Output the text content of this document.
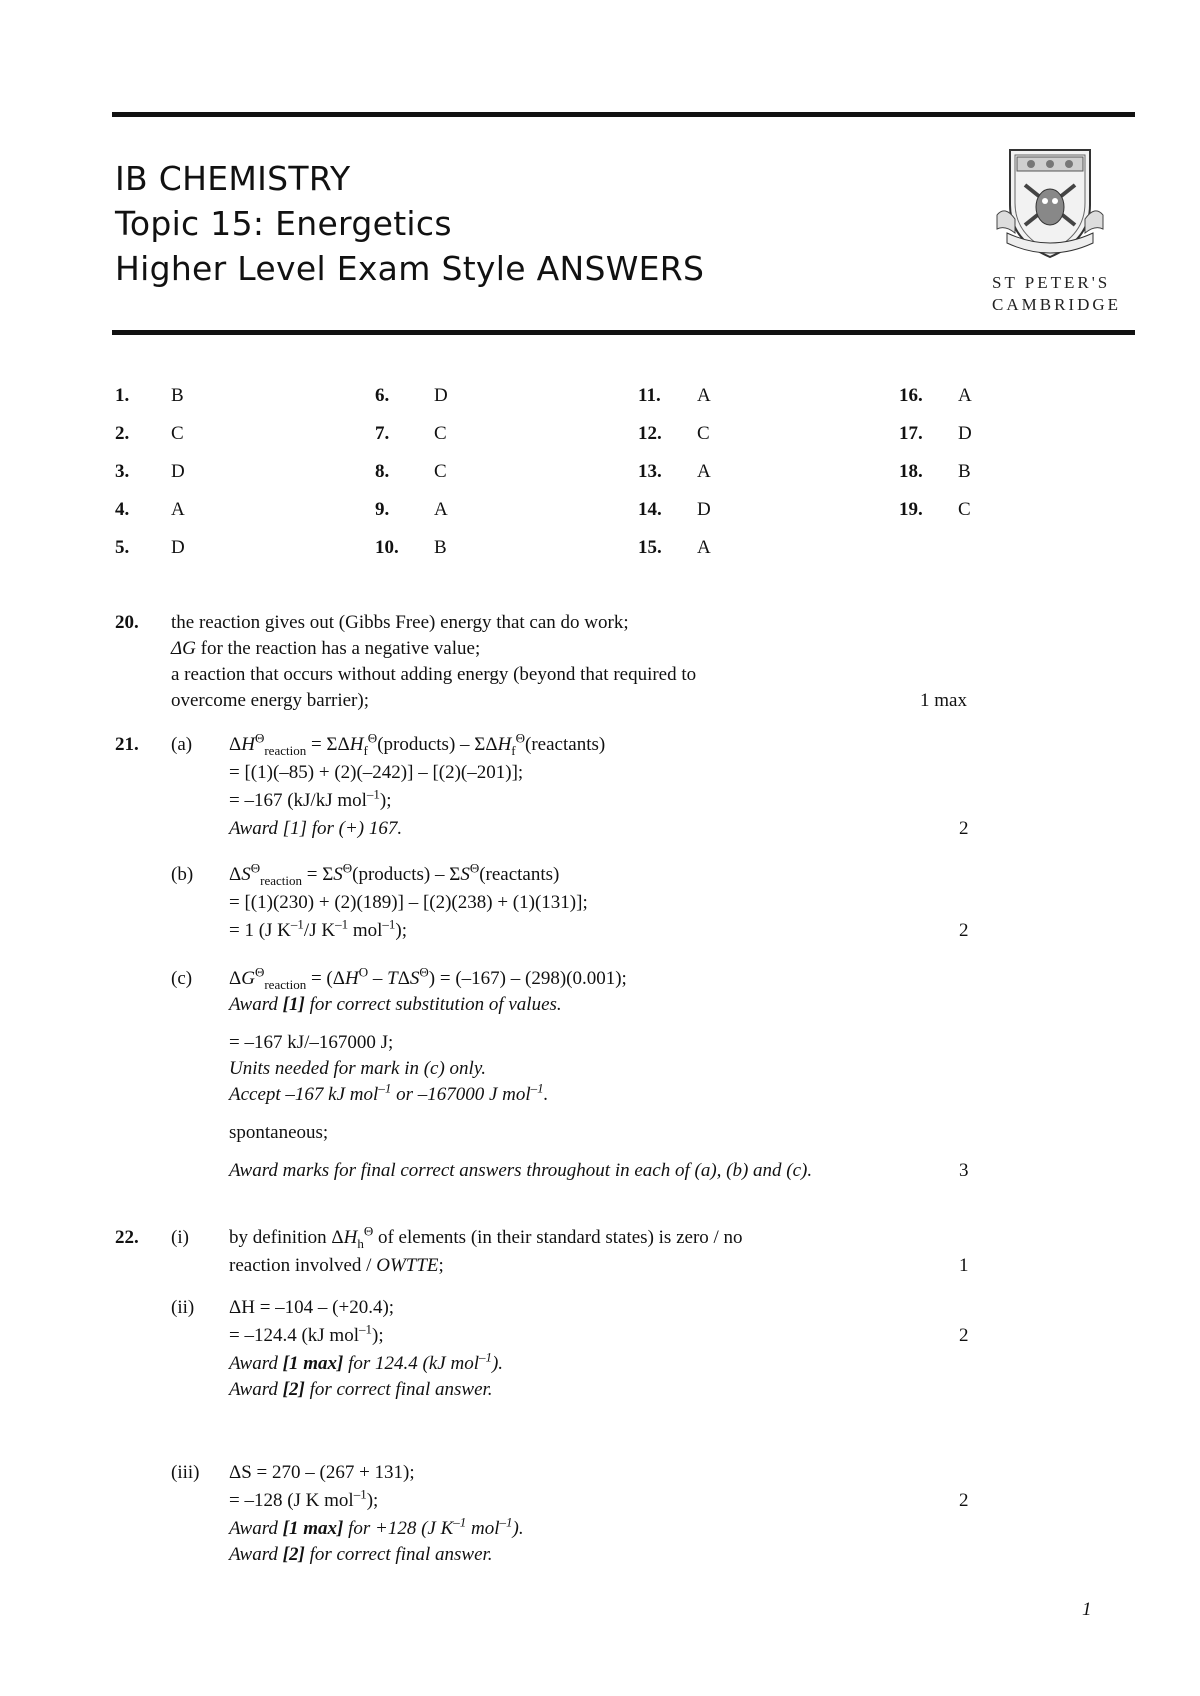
IB CHEMISTRY
Topic 15: Energetics
Higher Level Exam Style ANSWERS	ST PETER'S
CAMBRIDGE
1. B
2. C
3. D
4. A
5. D
6. D
7. C
8. C
9. A
10. B
11. A
12. C
13. A
14. D
15. A
16. A
17. D
18. B
19. C
20. the reaction gives out (Gibbs Free) energy that can do work;
ΔG for the reaction has a negative value;
a reaction that occurs without adding energy (beyond that required to
overcome energy barrier);	1 max
21. (a) $\Delta H^\Theta_{reaction}$ = $\Sigma\Delta H_f^\Theta(products)$ – $\Sigma\Delta H_f^\Theta(reactants)$
= [(1)(–85) + (2)(–242)] – [(2)(–201)];
= –167 (kJ/kJ mol$^{-1}$);
Award [1] for (+) 167.	2
(b) $\Delta S^\Theta_{reaction}$ = $\Sigma S^\Theta(products)$ – $\Sigma S^\Theta(reactants)$
= [(1)(230) + (2)(189)] – [(2)(238) + (1)(131)];
= 1 (J $K^{-1}/J$ $K^{-1}$ mol$^{-1}$);	2
(c) $\Delta G^\Theta_{reaction} = (\Delta H^O - T\Delta S^\Theta) = (-167) - (298)(0.001)$;
Award [1] for correct substitution of values.
= –167 kJ/–167000 J;
Units needed for mark in (c) only.
Accept –167 kJ mol$^{-1}$ or –167000 J mol$^{-1}$.
spontaneous;
Award marks for final correct answers throughout in each of (a), (b) and (c).	3
22. (i) by definition $\Delta H_h^\Theta$ of elements (in their standard states) is zero / no
reaction involved / OWTTE;	1
(ii) ΔH = –104 – (+20.4);
= –124.4 (kJ mol$^{-1}$);	2
Award [1 max] for 124.4 (kJ mol$^{-1}$).
Award [2] for correct final answer.
(iii) ΔS = 270 – (267 + 131);
= –128 (J K mol$^{-1}$);	2
Award [1 max] for +128 (J $K^{-1}$ mol$^{-1}$).
Award [2] for correct final answer.
1
